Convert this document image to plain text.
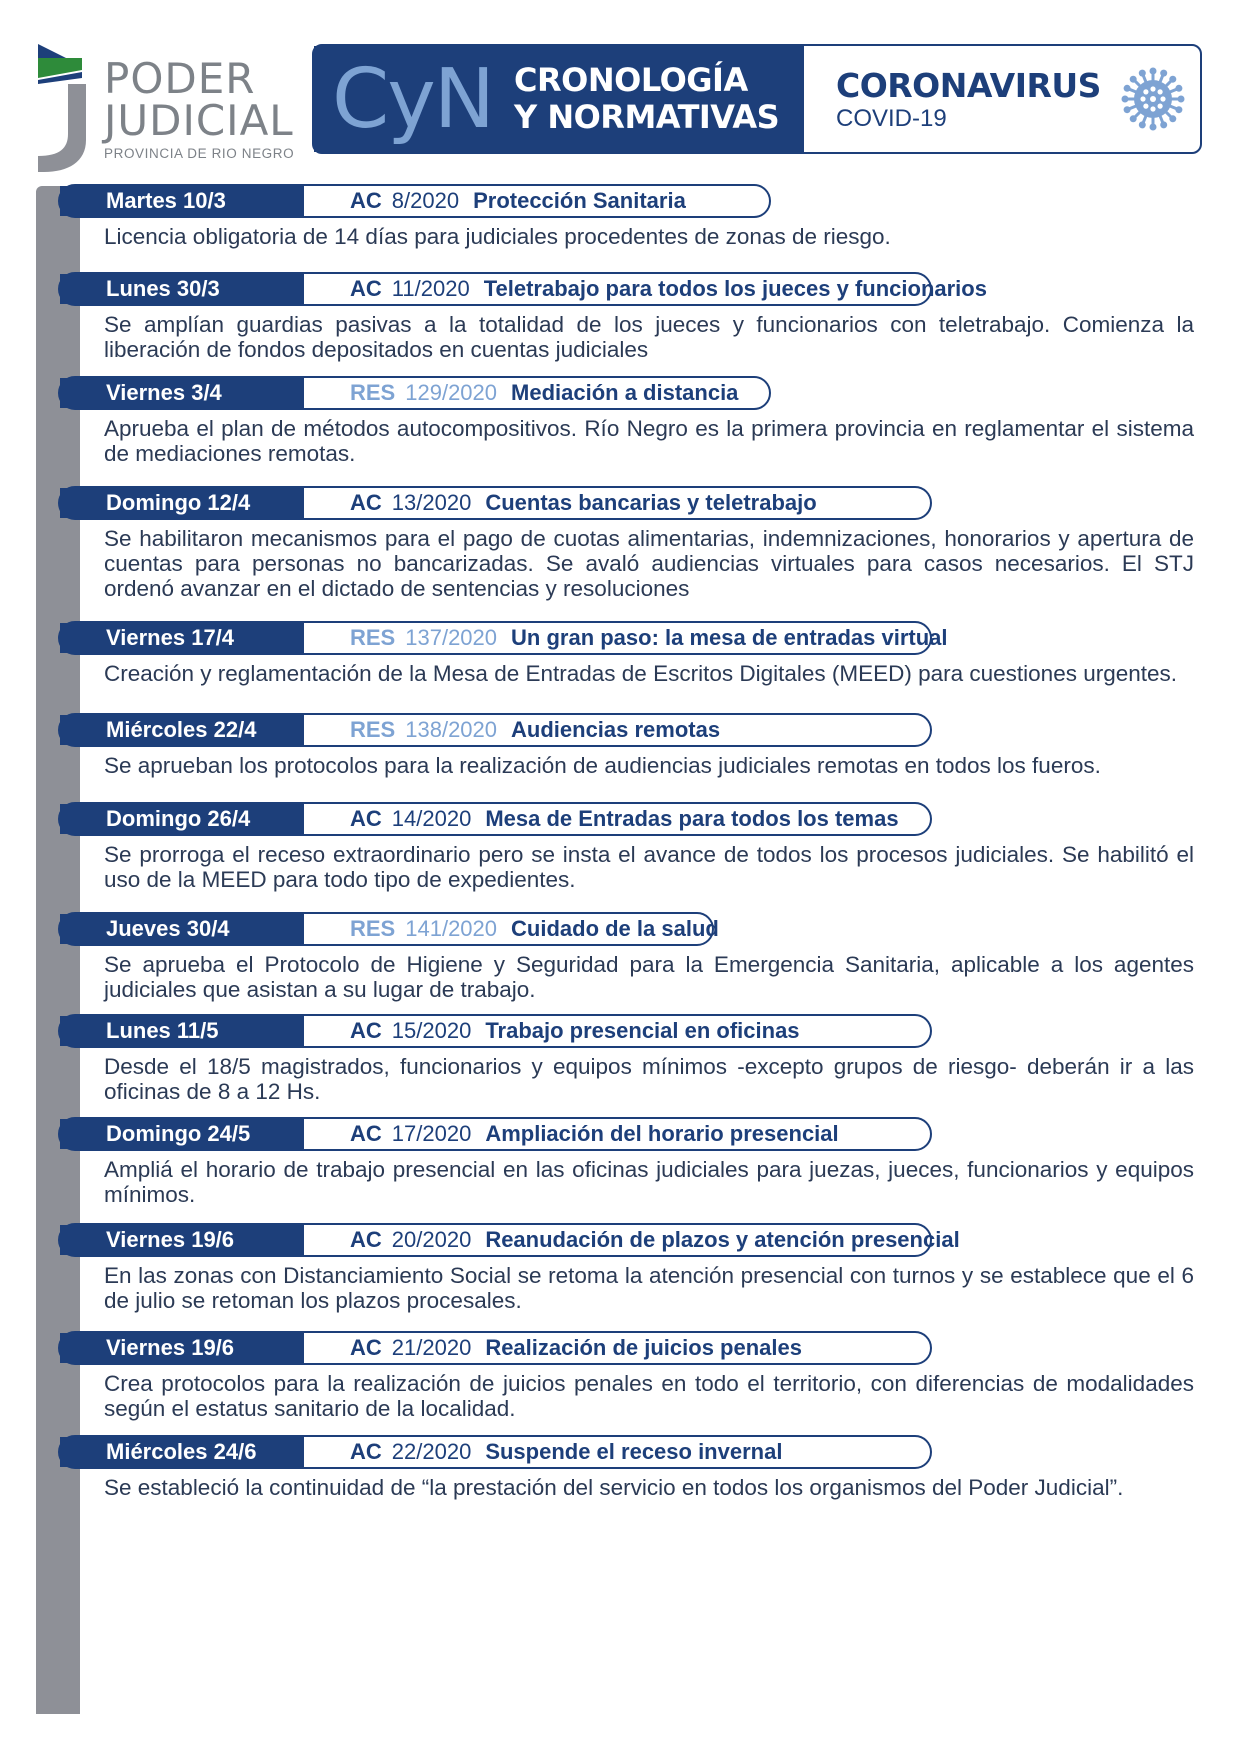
PODER
JUDICIAL
PROVINCIA DE RIO NEGRO
CyN CRONOLOGÍA
Y NORMATIVAS
CORONAVIRUS
COVID-19
Martes 10/3	AC 8/2020 Protección Sanitaria
Licencia obligatoria de 14 días para judiciales procedentes de zonas de riesgo.
Lunes 30/3	AC 11/2020 Teletrabajo para todos los jueces y funcionarios
Se amplían guardias pasivas a la totalidad de los jueces y funcionarios con teletrabajo. Comienza la liberación de fondos depositados en cuentas judiciales
Viernes 3/4	RES 129/2020 Mediación a distancia
Aprueba el plan de métodos autocompositivos. Río Negro es la primera provincia en reglamentar el sistema de mediaciones remotas.
Domingo 12/4	AC 13/2020 Cuentas bancarias y teletrabajo
Se habilitaron mecanismos para el pago de cuotas alimentarias, indemnizaciones, honorarios y apertura de cuentas para personas no bancarizadas. Se avaló audiencias virtuales para casos necesarios. El STJ ordenó avanzar en el dictado de sentencias y resoluciones
Viernes 17/4	RES 137/2020 Un gran paso: la mesa de entradas virtual
Creación y reglamentación de la Mesa de Entradas de Escritos Digitales (MEED) para cuestiones urgentes.
Miércoles 22/4	RES 138/2020 Audiencias remotas
Se aprueban los protocolos para la realización de audiencias judiciales remotas en todos los fueros.
Domingo 26/4	AC 14/2020 Mesa de Entradas para todos los temas
Se prorroga el receso extraordinario pero se insta el avance de todos los procesos judiciales. Se habilitó el uso de la MEED para todo tipo de expedientes.
Jueves 30/4	RES 141/2020 Cuidado de la salud
Se aprueba el Protocolo de Higiene y Seguridad para la Emergencia Sanitaria, aplicable a los agentes judiciales que asistan a su lugar de trabajo.
Lunes 11/5	AC 15/2020 Trabajo presencial en oficinas
Desde el 18/5 magistrados, funcionarios y equipos mínimos -excepto grupos de riesgo- deberán ir a las oficinas de 8 a 12 Hs.
Domingo 24/5	AC 17/2020 Ampliación del horario presencial
Ampliá el horario de trabajo presencial en las oficinas judiciales para juezas, jueces, funcionarios y equipos mínimos.
Viernes 19/6	AC 20/2020 Reanudación de plazos y atención presencial
En las zonas con Distanciamiento Social se retoma la atención presencial con turnos y se establece que el 6 de julio se retoman los plazos procesales.
Viernes 19/6	AC 21/2020 Realización de juicios penales
Crea protocolos para la realización de juicios penales en todo el territorio, con diferencias de modalidades según el estatus sanitario de la localidad.
Miércoles 24/6	AC 22/2020 Suspende el receso invernal
Se estableció la continuidad de “la prestación del servicio en todos los organismos del Poder Judicial”.
